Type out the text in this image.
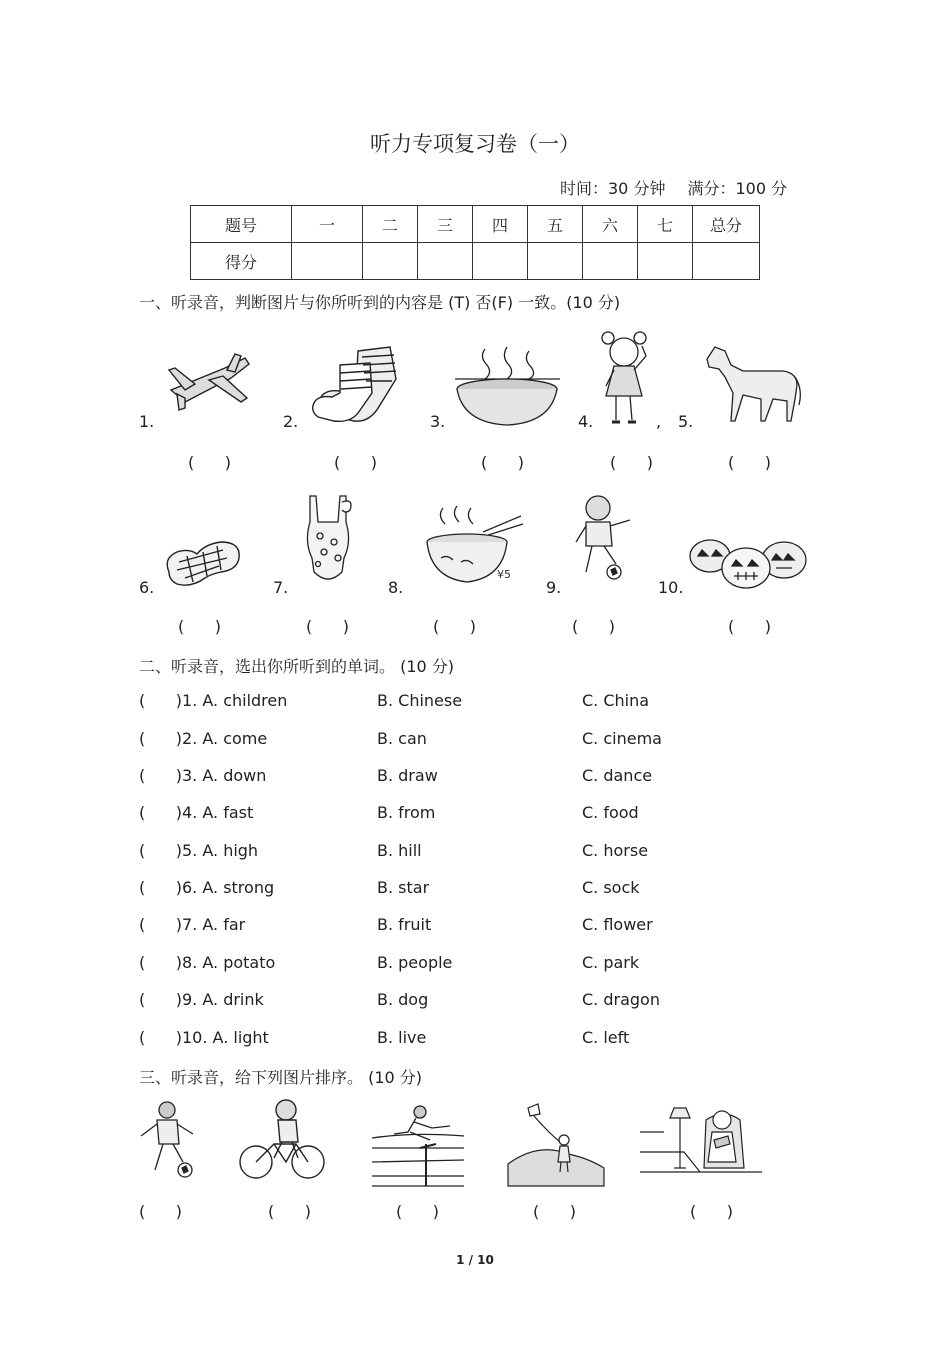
听力专项复习卷（一）
时间：30 分钟 满分：100 分
题号	一	二	三	四	五	六	七	总分
得分								
一、听录音，判断图片与你所听到的内容是 (T) 否(F) 一致。(10 分)
1.	2.	3.	4.	, 5.
(      )	(      )	(      )	(      )	(      )
6.	7.	8.
¥5
9.	10.
(      )	(      )	(      )	(      )	(      )
二、听录音，选出你所听到的单词。 (10 分)
(      )1. A. children	B. Chinese	C. China
(      )2. A. come	B. can	C. cinema
(      )3. A. down	B. draw	C. dance
(      )4. A. fast	B. from	C. food
(      )5. A. high	B. hill	C. horse
(      )6. A. strong	B. star	C. sock
(      )7. A. far	B. fruit	C. flower
(      )8. A. potato	B. people	C. park
(      )9. A. drink	B. dog	C. dragon
(      )10. A. light	B. live	C. left
三、听录音，给下列图片排序。 (10 分)
(      )	(      )	(      )	(      )	(      )
1 / 10
